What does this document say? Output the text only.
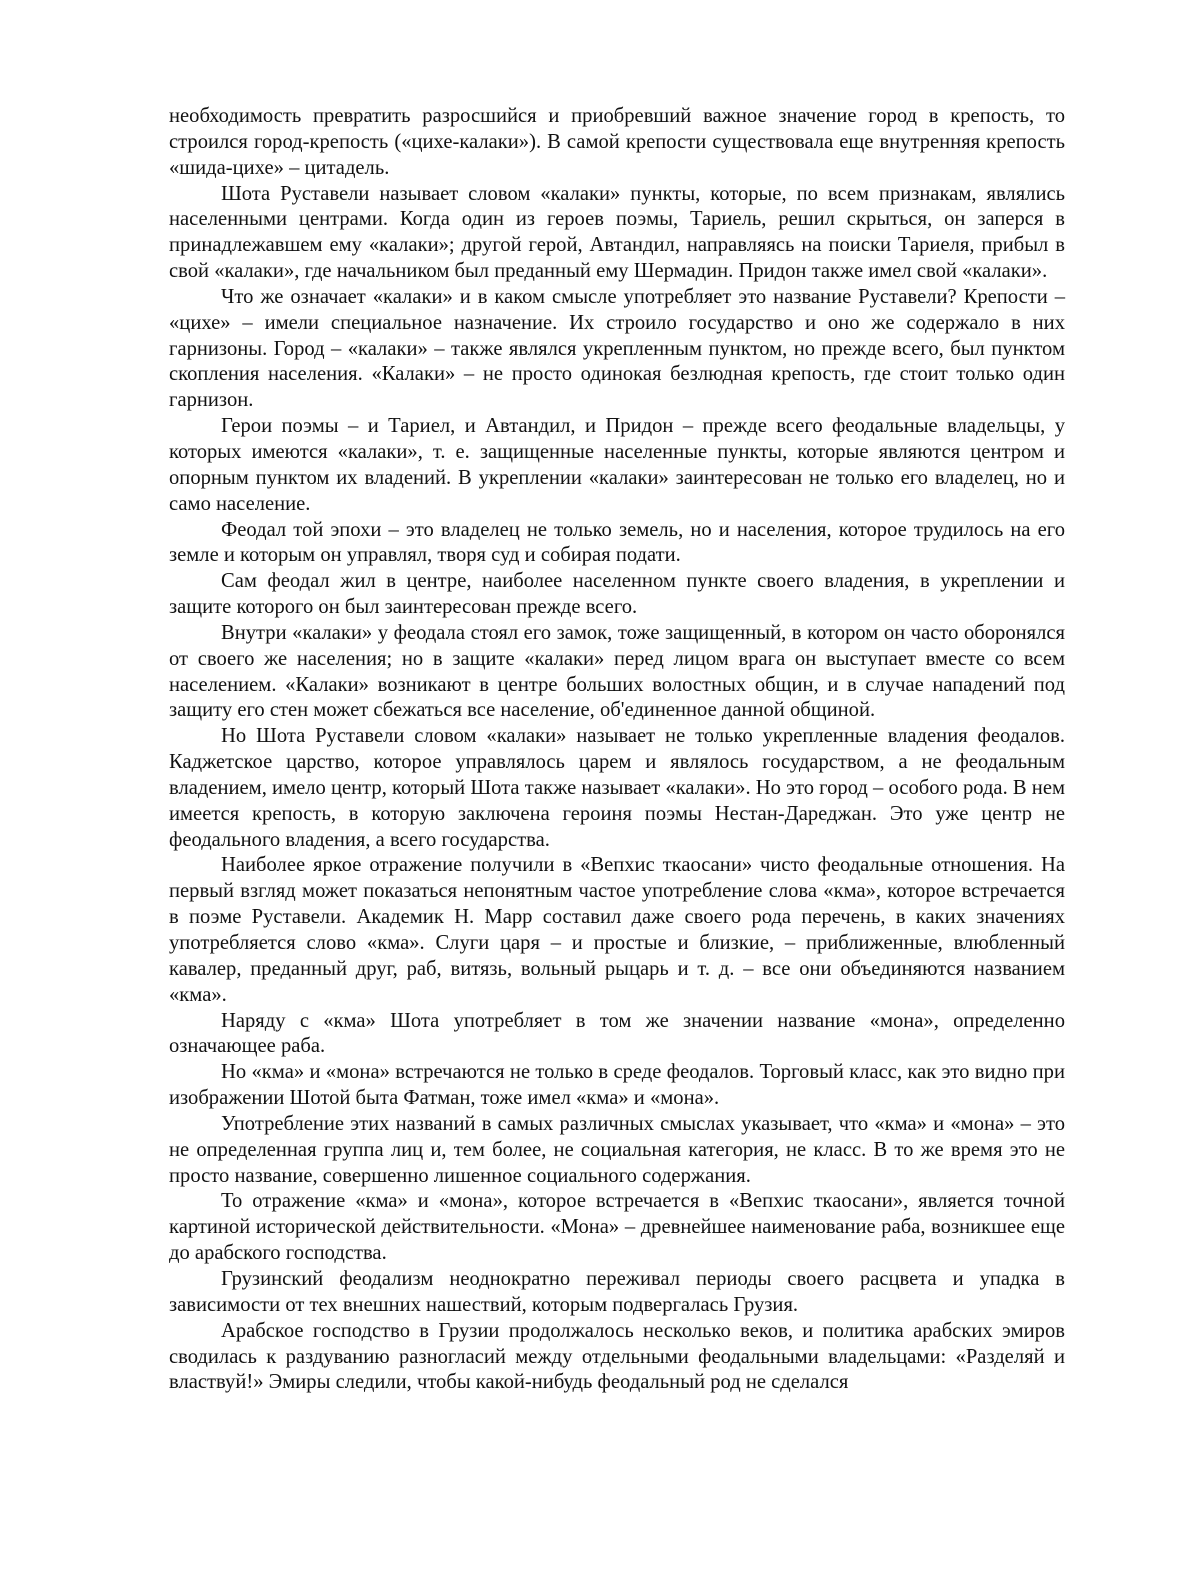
необходимость превратить разросшийся и приобревший важное значение город в крепость, то строился город-крепость («цихе-калаки»). В самой крепости существовала еще внутренняя крепость «шида-цихе» – цитадель.

Шота Руставели называет словом «калаки» пункты, которые, по всем признакам, являлись населенными центрами. Когда один из героев поэмы, Тариель, решил скрыться, он заперся в принадлежавшем ему «калаки»; другой герой, Автандил, направляясь на поиски Тариеля, прибыл в свой «калаки», где начальником был преданный ему Шермадин. Придон также имел свой «калаки».

Что же означает «калаки» и в каком смысле употребляет это название Руставели? Крепости – «цихе» – имели специальное назначение. Их строило государство и оно же содержало в них гарнизоны. Город – «калаки» – также являлся укрепленным пунктом, но прежде всего, был пунктом скопления населения. «Калаки» – не просто одинокая безлюдная крепость, где стоит только один гарнизон.

Герои поэмы – и Тариел, и Автандил, и Придон – прежде всего феодальные владельцы, у которых имеются «калаки», т. е. защищенные населенные пункты, которые являются центром и опорным пунктом их владений. В укреплении «калаки» заинтересован не только его владелец, но и само население.

Феодал той эпохи – это владелец не только земель, но и населения, которое трудилось на его земле и которым он управлял, творя суд и собирая подати.

Сам феодал жил в центре, наиболее населенном пункте своего владения, в укреплении и защите которого он был заинтересован прежде всего.

Внутри «калаки» у феодала стоял его замок, тоже защищенный, в котором он часто оборонялся от своего же населения; но в защите «калаки» перед лицом врага он выступает вместе со всем населением. «Калаки» возникают в центре больших волостных общин, и в случае нападений под защиту его стен может сбежаться все население, об'единенное данной общиной.

Но Шота Руставели словом «калаки» называет не только укрепленные владения феодалов. Каджетское царство, которое управлялось царем и являлось государством, а не феодальным владением, имело центр, который Шота также называет «калаки». Но это город – особого рода. В нем имеется крепость, в которую заключена героиня поэмы Нестан-Дареджан. Это уже центр не феодального владения, а всего государства.

Наиболее яркое отражение получили в «Вепхис ткаосани» чисто феодальные отношения. На первый взгляд может показаться непонятным частое употребление слова «кма», которое встречается в поэме Руставели. Академик Н. Марр составил даже своего рода перечень, в каких значениях употребляется слово «кма». Слуги царя – и простые и близкие, – приближенные, влюбленный кавалер, преданный друг, раб, витязь, вольный рыцарь и т. д. – все они объединяются названием «кма».

Наряду с «кма» Шота употребляет в том же значении название «мона», определенно означающее раба.

Но «кма» и «мона» встречаются не только в среде феодалов. Торговый класс, как это видно при изображении Шотой быта Фатман, тоже имел «кма» и «мона».

Употребление этих названий в самых различных смыслах указывает, что «кма» и «мона» – это не определенная группа лиц и, тем более, не социальная категория, не класс. В то же время это не просто название, совершенно лишенное социального содержания.

То отражение «кма» и «мона», которое встречается в «Вепхис ткаосани», является точной картиной исторической действительности. «Мона» – древнейшее наименование раба, возникшее еще до арабского господства.

Грузинский феодализм неоднократно переживал периоды своего расцвета и упадка в зависимости от тех внешних нашествий, которым подвергалась Грузия.

Арабское господство в Грузии продолжалось несколько веков, и политика арабских эмиров сводилась к раздуванию разногласий между отдельными феодальными владельцами: «Разделяй и властвуй!» Эмиры следили, чтобы какой-нибудь феодальный род не сделался
